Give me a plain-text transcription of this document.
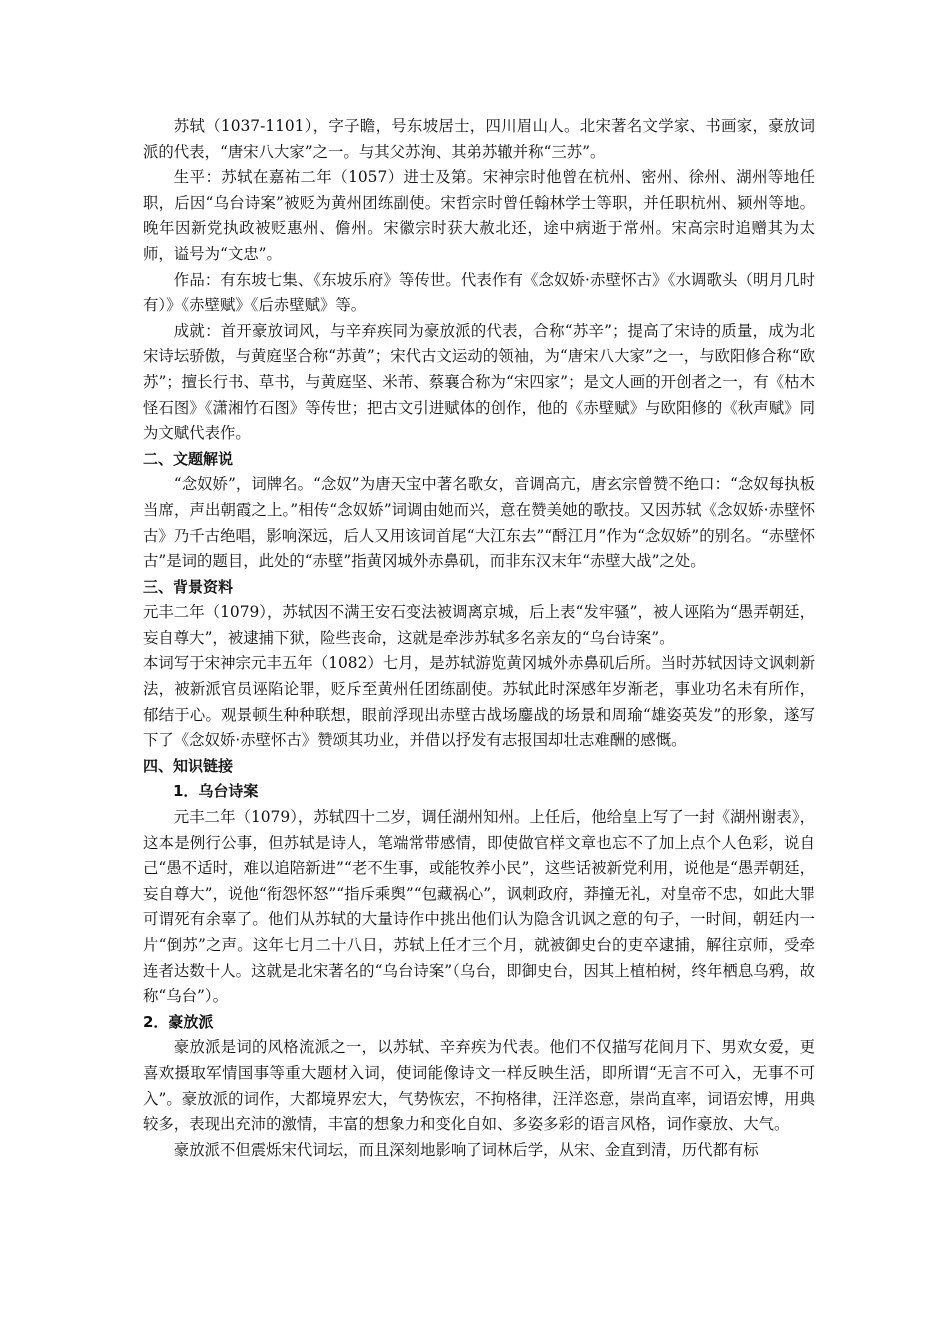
苏轼（1037-1101），字子瞻，号东坡居士，四川眉山人。北宋著名文学家、书画家，豪放词派的代表，“唐宋八大家”之一。与其父苏洵、其弟苏辙并称“三苏”。

生平：苏轼在嘉祐二年（1057）进士及第。宋神宗时他曾在杭州、密州、徐州、湖州等地任职，后因“乌台诗案”被贬为黄州团练副使。宋哲宗时曾任翰林学士等职，并任职杭州、颍州等地。晚年因新党执政被贬惠州、儋州。宋徽宗时获大赦北还，途中病逝于常州。宋高宗时追赠其为太师，谥号为“文忠”。

作品：有东坡七集、《东坡乐府》等传世。代表作有《念奴娇·赤壁怀古》《水调歌头（明月几时有）》《赤壁赋》《后赤壁赋》等。

成就：首开豪放词风，与辛弃疾同为豪放派的代表，合称“苏辛”；提高了宋诗的质量，成为北宋诗坛骄傲，与黄庭坚合称“苏黄”；宋代古文运动的领袖，为“唐宋八大家”之一，与欧阳修合称“欧苏”；擅长行书、草书，与黄庭坚、米芾、蔡襄合称为“宋四家”；是文人画的开创者之一，有《枯木怪石图》《潇湘竹石图》等传世；把古文引进赋体的创作，他的《赤壁赋》与欧阳修的《秋声赋》同为文赋代表作。

二、文题解说

“念奴娇”，词牌名。“念奴”为唐天宝中著名歌女，音调高亢，唐玄宗曾赞不绝口：“念奴每执板当席，声出朝霞之上。”相传“念奴娇”词调由她而兴，意在赞美她的歌技。又因苏轼《念奴娇·赤壁怀古》乃千古绝唱，影响深远，后人又用该词首尾“大江东去”“酹江月”作为“念奴娇”的别名。“赤壁怀古”是词的题目，此处的“赤壁”指黄冈城外赤鼻矶，而非东汉末年“赤壁大战”之处。

三、背景资料

元丰二年（1079），苏轼因不满王安石变法被调离京城，后上表“发牢骚”，被人诬陷为“愚弄朝廷，妄自尊大”，被逮捕下狱，险些丧命，这就是牵涉苏轼多名亲友的“乌台诗案”。

本词写于宋神宗元丰五年（1082）七月，是苏轼游览黄冈城外赤鼻矶后所。当时苏轼因诗文讽刺新法，被新派官员诬陷论罪，贬斥至黄州任团练副使。苏轼此时深感年岁渐老，事业功名未有所作，郁结于心。观景顿生种种联想，眼前浮现出赤壁古战场鏖战的场景和周瑜“雄姿英发”的形象，遂写下了《念奴娇·赤壁怀古》赞颂其功业，并借以抒发有志报国却壮志难酬的感慨。

四、知识链接

1．乌台诗案

元丰二年（1079），苏轼四十二岁，调任湖州知州。上任后，他给皇上写了一封《湖州谢表》，这本是例行公事，但苏轼是诗人，笔端常带感情，即使做官样文章也忘不了加上点个人色彩，说自己“愚不适时，难以追陪新进”“老不生事，或能牧养小民”，这些话被新党利用，说他是“愚弄朝廷，妄自尊大”，说他“衔怨怀怒”“指斥乘舆”“包藏祸心”，讽刺政府，莽撞无礼，对皇帝不忠，如此大罪可谓死有余辜了。他们从苏轼的大量诗作中挑出他们认为隐含讥讽之意的句子，一时间，朝廷内一片“倒苏”之声。这年七月二十八日，苏轼上任才三个月，就被御史台的吏卒逮捕，解往京师，受牵连者达数十人。这就是北宋著名的“乌台诗案”（乌台，即御史台，因其上植柏树，终年栖息乌鸦，故称“乌台”）。

2．豪放派

豪放派是词的风格流派之一，以苏轼、辛弃疾为代表。他们不仅描写花间月下、男欢女爱，更喜欢摄取军情国事等重大题材入词，使词能像诗文一样反映生活，即所谓“无言不可入，无事不可入”。豪放派的词作，大都境界宏大，气势恢宏，不拘格律，汪洋恣意，崇尚直率，词语宏博，用典较多，表现出充沛的激情，丰富的想象力和变化自如、多姿多彩的语言风格，词作豪放、大气。

豪放派不但震烁宋代词坛，而且深刻地影响了词林后学，从宋、金直到清，历代都有标
